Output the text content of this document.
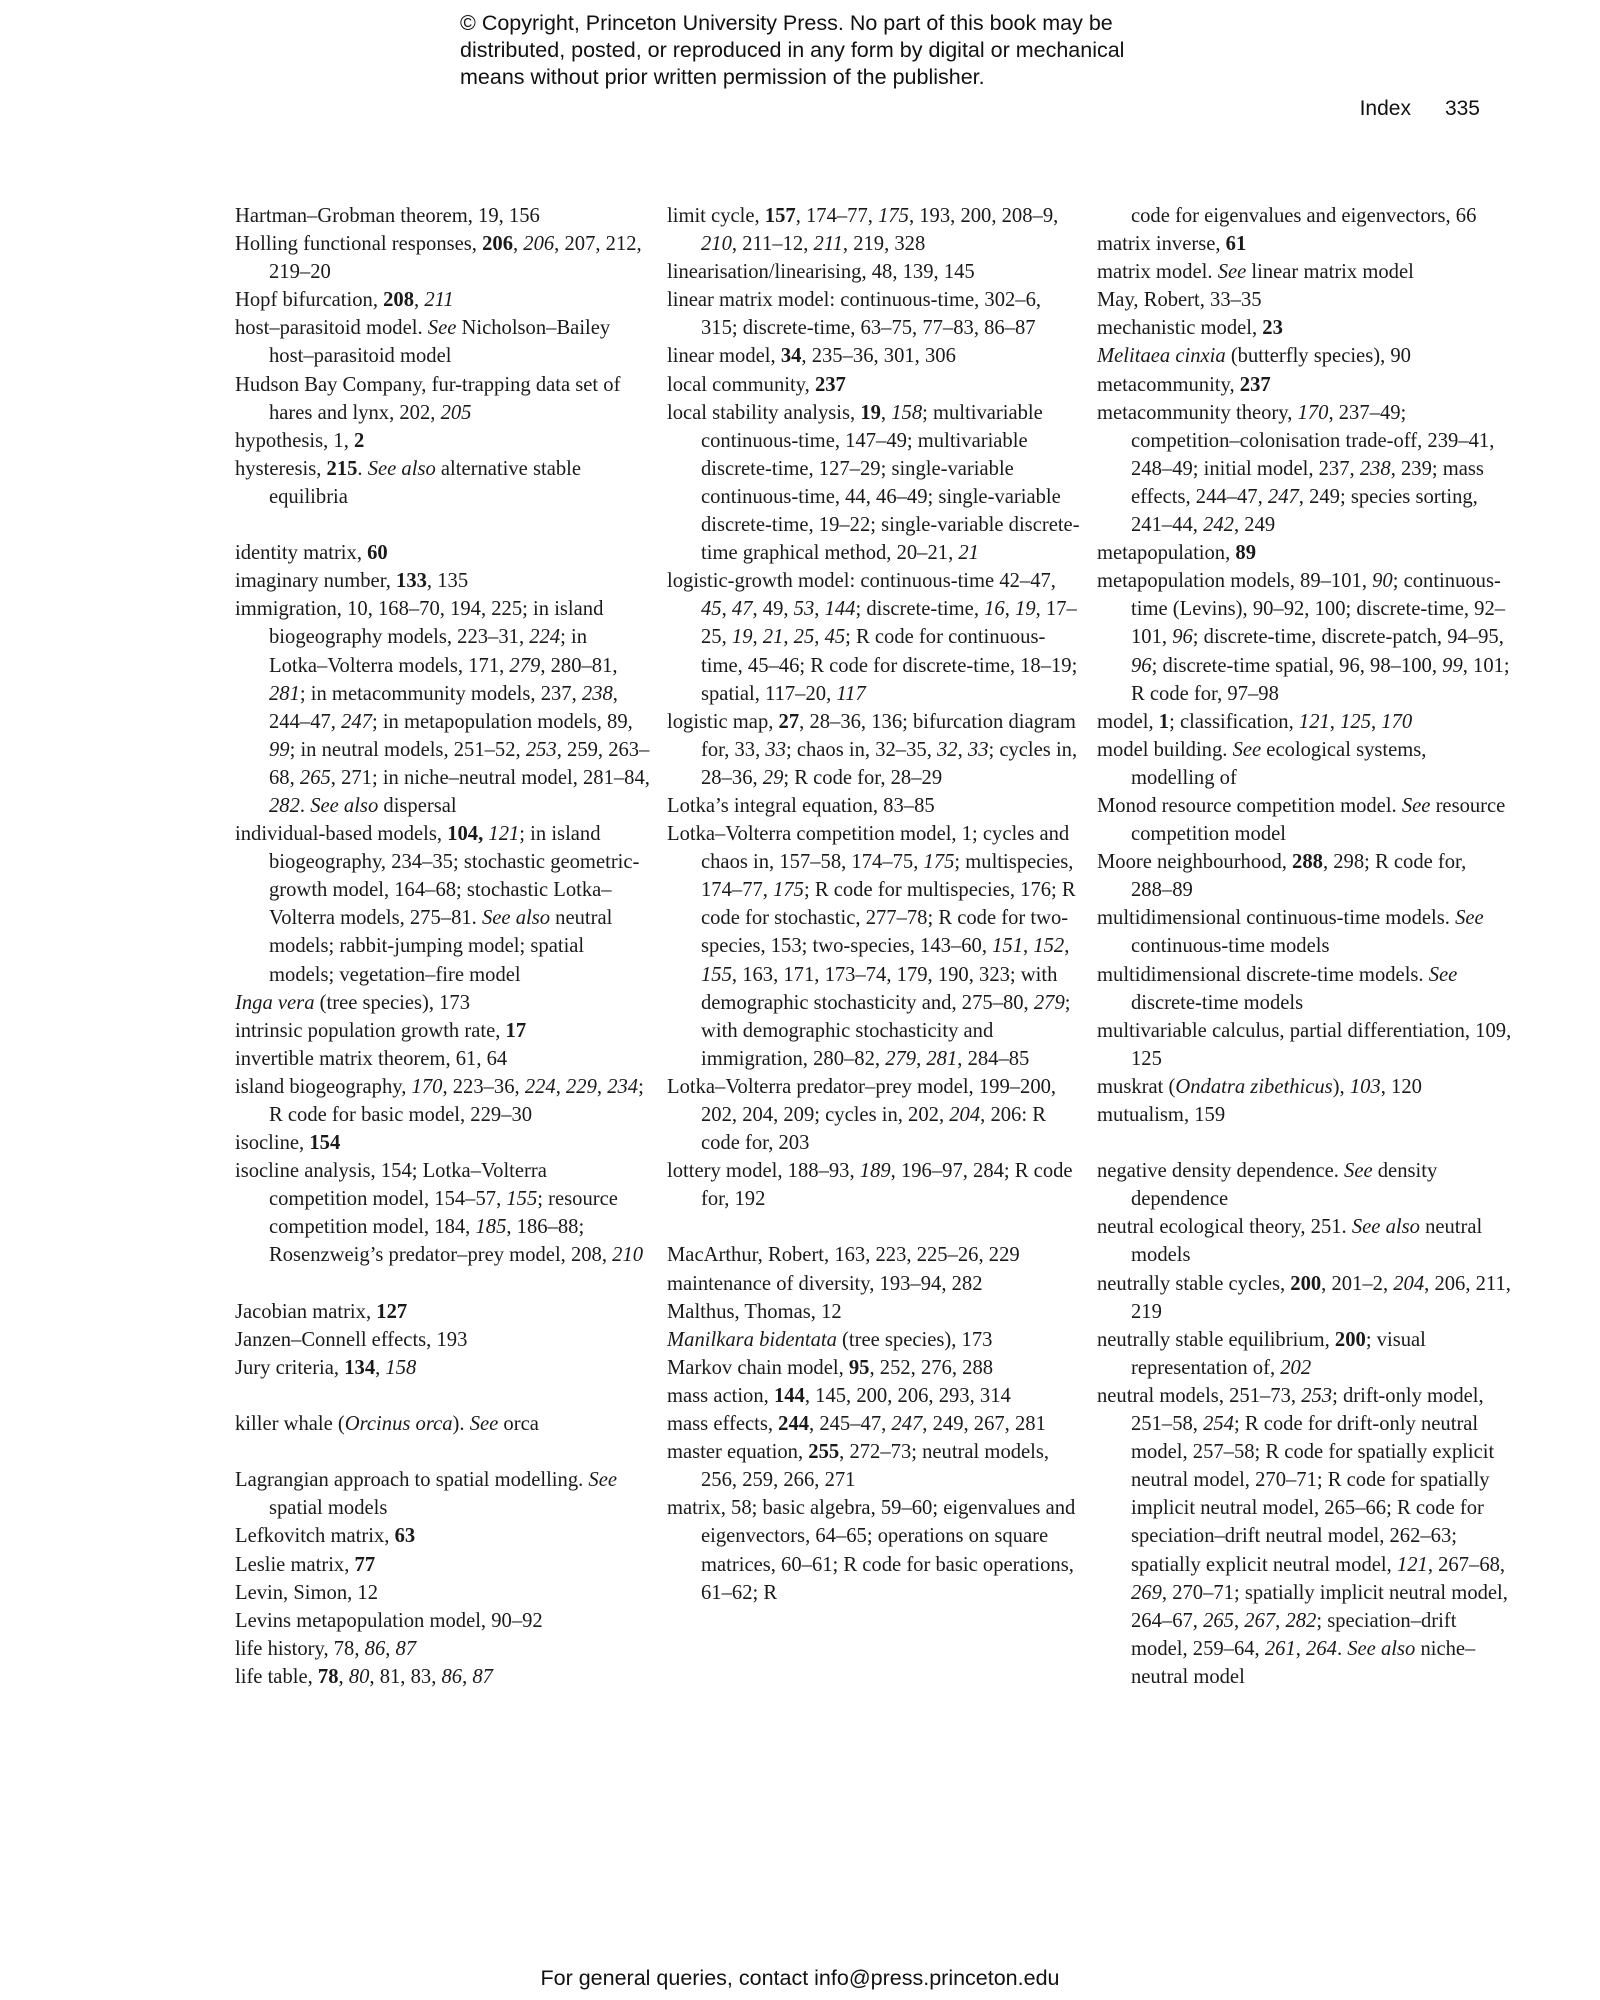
© Copyright, Princeton University Press. No part of this book may be
distributed, posted, or reproduced in any form by digital or mechanical
means without prior written permission of the publisher.
Index 335
Hartman–Grobman theorem, 19, 156
Holling functional responses, 206, 206, 207, 212, 219–20
Hopf bifurcation, 208, 211
host–parasitoid model. See Nicholson–Bailey host–parasitoid model
Hudson Bay Company, fur-trapping data set of hares and lynx, 202, 205
hypothesis, 1, 2
hysteresis, 215. See also alternative stable equilibria
identity matrix, 60
imaginary number, 133, 135
immigration, 10, 168–70, 194, 225; in island biogeography models, 223–31, 224; in Lotka–Volterra models, 171, 279, 280–81, 281; in metacommunity models, 237, 238, 244–47, 247; in metapopulation models, 89, 99; in neutral models, 251–52, 253, 259, 263–68, 265, 271; in niche–neutral model, 281–84, 282. See also dispersal
individual-based models, 104, 121; in island biogeography, 234–35; stochastic geometric-growth model, 164–68; stochastic Lotka–Volterra models, 275–81. See also neutral models; rabbit-jumping model; spatial models; vegetation–fire model
Inga vera (tree species), 173
intrinsic population growth rate, 17
invertible matrix theorem, 61, 64
island biogeography, 170, 223–36, 224, 229, 234; R code for basic model, 229–30
isocline, 154
isocline analysis, 154; Lotka–Volterra competition model, 154–57, 155; resource competition model, 184, 185, 186–88; Rosenzweig’s predator–prey model, 208, 210
Jacobian matrix, 127
Janzen–Connell effects, 193
Jury criteria, 134, 158
killer whale (Orcinus orca). See orca
Lagrangian approach to spatial modelling. See spatial models
Lefkovitch matrix, 63
Leslie matrix, 77
Levin, Simon, 12
Levins metapopulation model, 90–92
life history, 78, 86, 87
life table, 78, 80, 81, 83, 86, 87
limit cycle, 157, 174–77, 175, 193, 200, 208–9, 210, 211–12, 211, 219, 328
linearisation/linearising, 48, 139, 145
linear matrix model: continuous-time, 302–6, 315; discrete-time, 63–75, 77–83, 86–87
linear model, 34, 235–36, 301, 306
local community, 237
local stability analysis, 19, 158; multivariable continuous-time, 147–49; multivariable discrete-time, 127–29; single-variable continuous-time, 44, 46–49; single-variable discrete-time, 19–22; single-variable discrete-time graphical method, 20–21, 21
logistic-growth model: continuous-time 42–47, 45, 47, 49, 53, 144; discrete-time, 16, 19, 17–25, 19, 21, 25, 45; R code for continuous-time, 45–46; R code for discrete-time, 18–19; spatial, 117–20, 117
logistic map, 27, 28–36, 136; bifurcation diagram for, 33, 33; chaos in, 32–35, 32, 33; cycles in, 28–36, 29; R code for, 28–29
Lotka’s integral equation, 83–85
Lotka–Volterra competition model, 1; cycles and chaos in, 157–58, 174–75, 175; multispecies, 174–77, 175; R code for multispecies, 176; R code for stochastic, 277–78; R code for two-species, 153; two-species, 143–60, 151, 152, 155, 163, 171, 173–74, 179, 190, 323; with demographic stochasticity and, 275–80, 279; with demographic stochasticity and immigration, 280–82, 279, 281, 284–85
Lotka–Volterra predator–prey model, 199–200, 202, 204, 209; cycles in, 202, 204, 206: R code for, 203
lottery model, 188–93, 189, 196–97, 284; R code for, 192
MacArthur, Robert, 163, 223, 225–26, 229
maintenance of diversity, 193–94, 282
Malthus, Thomas, 12
Manilkara bidentata (tree species), 173
Markov chain model, 95, 252, 276, 288
mass action, 144, 145, 200, 206, 293, 314
mass effects, 244, 245–47, 247, 249, 267, 281
master equation, 255, 272–73; neutral models, 256, 259, 266, 271
matrix, 58; basic algebra, 59–60; eigenvalues and eigenvectors, 64–65; operations on square matrices, 60–61; R code for basic operations, 61–62; R
code for eigenvalues and eigenvectors, 66
matrix inverse, 61
matrix model. See linear matrix model
May, Robert, 33–35
mechanistic model, 23
Melitaea cinxia (butterfly species), 90
metacommunity, 237
metacommunity theory, 170, 237–49; competition–colonisation trade-off, 239–41, 248–49; initial model, 237, 238, 239; mass effects, 244–47, 247, 249; species sorting, 241–44, 242, 249
metapopulation, 89
metapopulation models, 89–101, 90; continuous-time (Levins), 90–92, 100; discrete-time, 92–101, 96; discrete-time, discrete-patch, 94–95, 96; discrete-time spatial, 96, 98–100, 99, 101; R code for, 97–98
model, 1; classification, 121, 125, 170
model building. See ecological systems, modelling of
Monod resource competition model. See resource competition model
Moore neighbourhood, 288, 298; R code for, 288–89
multidimensional continuous-time models. See continuous-time models
multidimensional discrete-time models. See discrete-time models
multivariable calculus, partial differentiation, 109, 125
muskrat (Ondatra zibethicus), 103, 120
mutualism, 159
negative density dependence. See density dependence
neutral ecological theory, 251. See also neutral models
neutrally stable cycles, 200, 201–2, 204, 206, 211, 219
neutrally stable equilibrium, 200; visual representation of, 202
neutral models, 251–73, 253; drift-only model, 251–58, 254; R code for drift-only neutral model, 257–58; R code for spatially explicit neutral model, 270–71; R code for spatially implicit neutral model, 265–66; R code for speciation–drift neutral model, 262–63; spatially explicit neutral model, 121, 267–68, 269, 270–71; spatially implicit neutral model, 264–67, 265, 267, 282; speciation–drift model, 259–64, 261, 264. See also niche–neutral model
For general queries, contact info@press.princeton.edu
